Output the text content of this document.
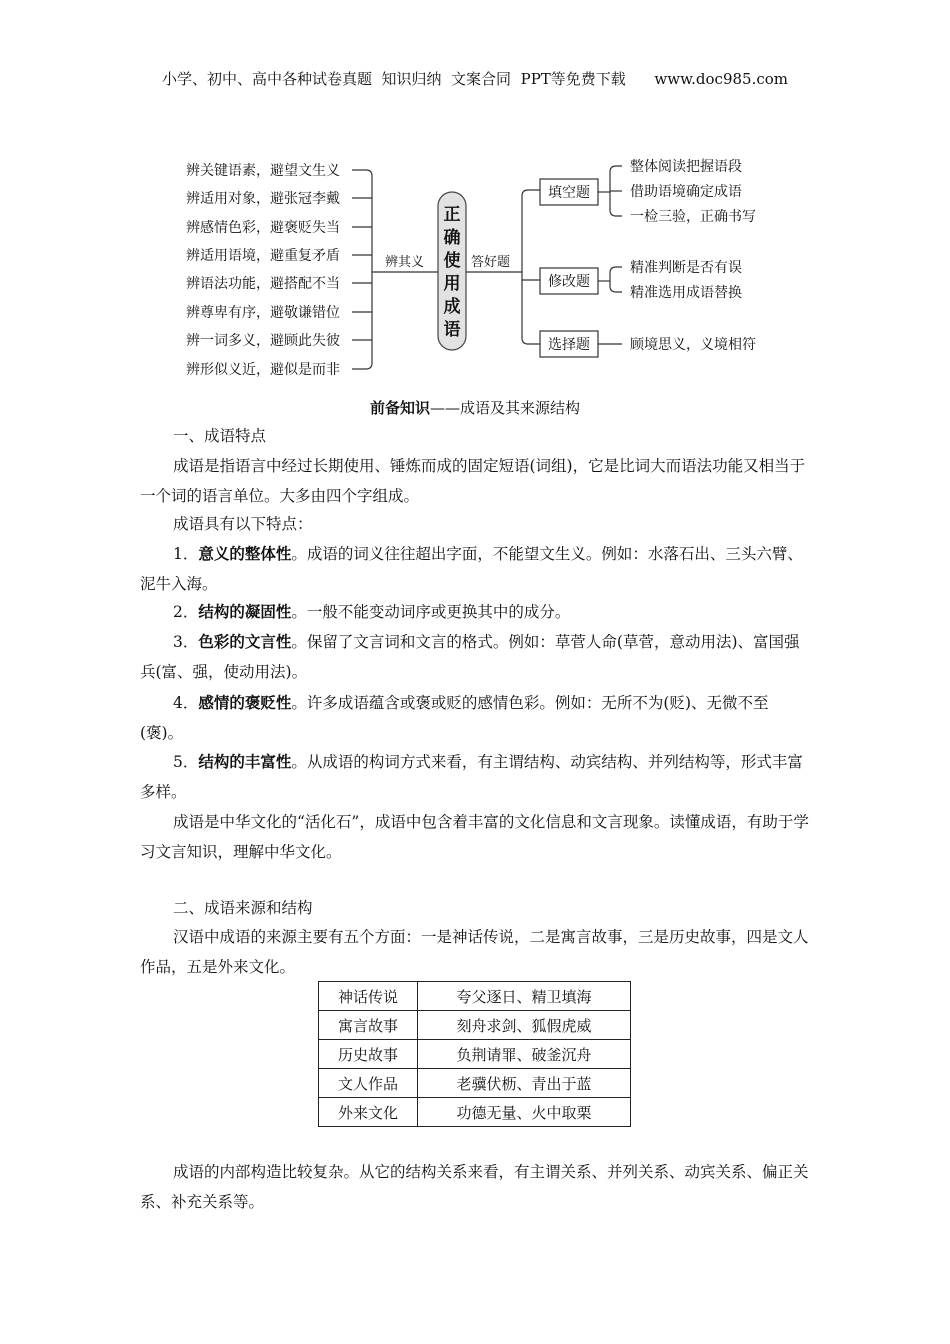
小学、初中、高中各种试卷真题  知识归纳  文案合同  PPT等免费下载 www.doc985.com
辨关键语素，避望文生义
辨适用对象，避张冠李戴
辨感情色彩，避褒贬失当
辨适用语境，避重复矛盾
辨语法功能，避搭配不当
辨尊卑有序，避敬谦错位
辨一词多义，避顾此失彼
辨形似义近，避似是而非
辨其义	答好题
填空题
修改题
选择题
整体阅读把握语段
借助语境确定成语
一检三验，正确书写
精准判断是否有误
精准选用成语替换
顾境思义，义境相符
正确使用成语
前备知识——成语及其来源结构

一、成语特点

成语是指语言中经过长期使用、锤炼而成的固定短语(词组)，它是比词大而语法功能又相当于一个词的语言单位。大多由四个字组成。

成语具有以下特点：

1．意义的整体性。成语的词义往往超出字面，不能望文生义。例如：水落石出、三头六臂、泥牛入海。

2．结构的凝固性。一般不能变动词序或更换其中的成分。

3．色彩的文言性。保留了文言词和文言的格式。例如：草菅人命(草菅，意动用法)、富国强兵(富、强，使动用法)。

4．感情的褒贬性。许多成语蕴含或褒或贬的感情色彩。例如：无所不为(贬)、无微不至(褒)。

5．结构的丰富性。从成语的构词方式来看，有主谓结构、动宾结构、并列结构等，形式丰富多样。

成语是中华文化的“活化石”，成语中包含着丰富的文化信息和文言现象。读懂成语，有助于学习文言知识，理解中华文化。

二、成语来源和结构

汉语中成语的来源主要有五个方面：一是神话传说，二是寓言故事，三是历史故事，四是文人作品，五是外来文化。

神话传说	夸父逐日、精卫填海
寓言故事	刻舟求剑、狐假虎威
历史故事	负荆请罪、破釜沉舟
文人作品	老骥伏枥、青出于蓝
外来文化	功德无量、火中取栗

成语的内部构造比较复杂。从它的结构关系来看，有主谓关系、并列关系、动宾关系、偏正关系、补充关系等。
